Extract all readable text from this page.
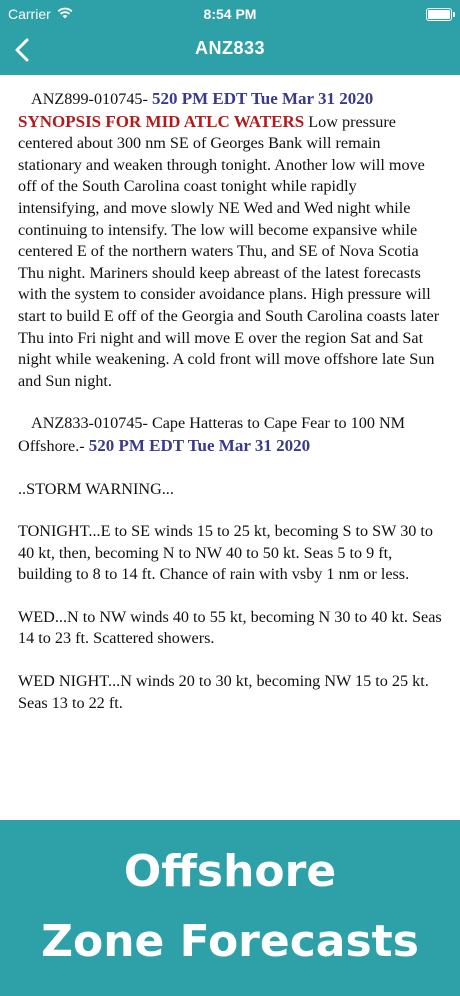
Carrier	8:54 PM
ANZ833

ANZ899-010745- 520 PM EDT Tue Mar 31 2020 SYNOPSIS FOR MID ATLC WATERS Low pressure centered about 300 nm SE of Georges Bank will remain stationary and weaken through tonight. Another low will move off of the South Carolina coast tonight while rapidly intensifying, and move slowly NE Wed and Wed night while continuing to intensify. The low will become expansive while centered E of the northern waters Thu, and SE of Nova Scotia Thu night. Mariners should keep abreast of the latest forecasts with the system to consider avoidance plans. High pressure will start to build E off of the Georgia and South Carolina coasts later Thu into Fri night and will move E over the region Sat and Sat night while weakening. A cold front will move offshore late Sun and Sun night.

ANZ833-010745- Cape Hatteras to Cape Fear to 100 NM Offshore.- 520 PM EDT Tue Mar 31 2020

..STORM WARNING...

TONIGHT...E to SE winds 15 to 25 kt, becoming S to SW 30 to 40 kt, then, becoming N to NW 40 to 50 kt. Seas 5 to 9 ft, building to 8 to 14 ft. Chance of rain with vsby 1 nm or less.

WED...N to NW winds 40 to 55 kt, becoming N 30 to 40 kt. Seas 14 to 23 ft. Scattered showers.

WED NIGHT...N winds 20 to 30 kt, becoming NW 15 to 25 kt. Seas 13 to 22 ft.

Offshore
Zone Forecasts
